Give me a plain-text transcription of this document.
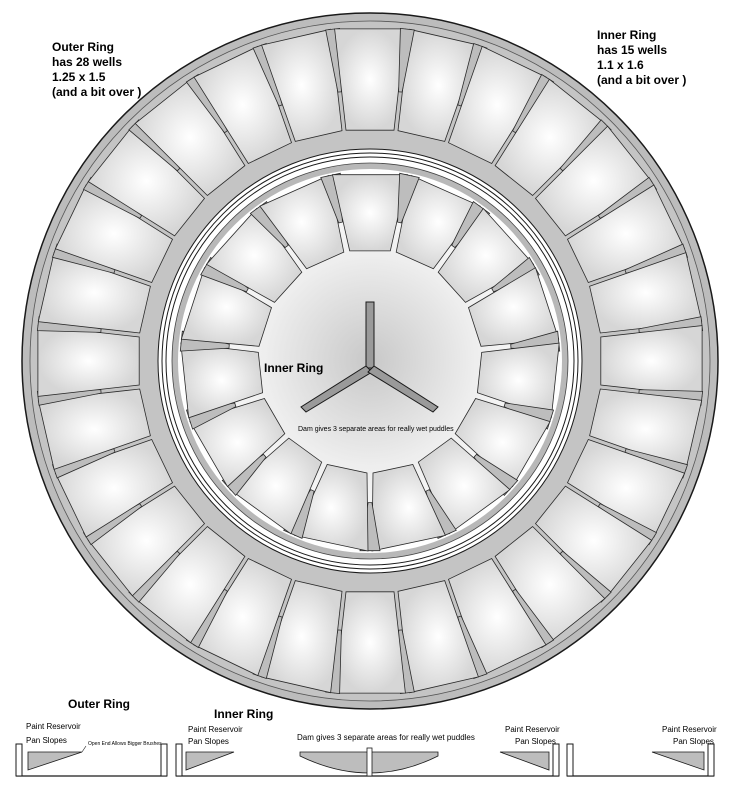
Outer Ring
has 28 wells
1.25 x 1.5
(and a bit over )
Inner Ring
has 15 wells
1.1 x 1.6
(and a bit over )
Inner Ring
Dam gives 3 separate areas for really wet puddles
Outer Ring
Paint Reservoir
Pan Slopes	Open End Allows Bigger Brushes
Inner Ring
Paint Reservoir
Pan Slopes	Dam gives 3 separate areas for really wet puddles
Paint Reservoir
Pan Slopes
Paint Reservoir
Pan Slopes
